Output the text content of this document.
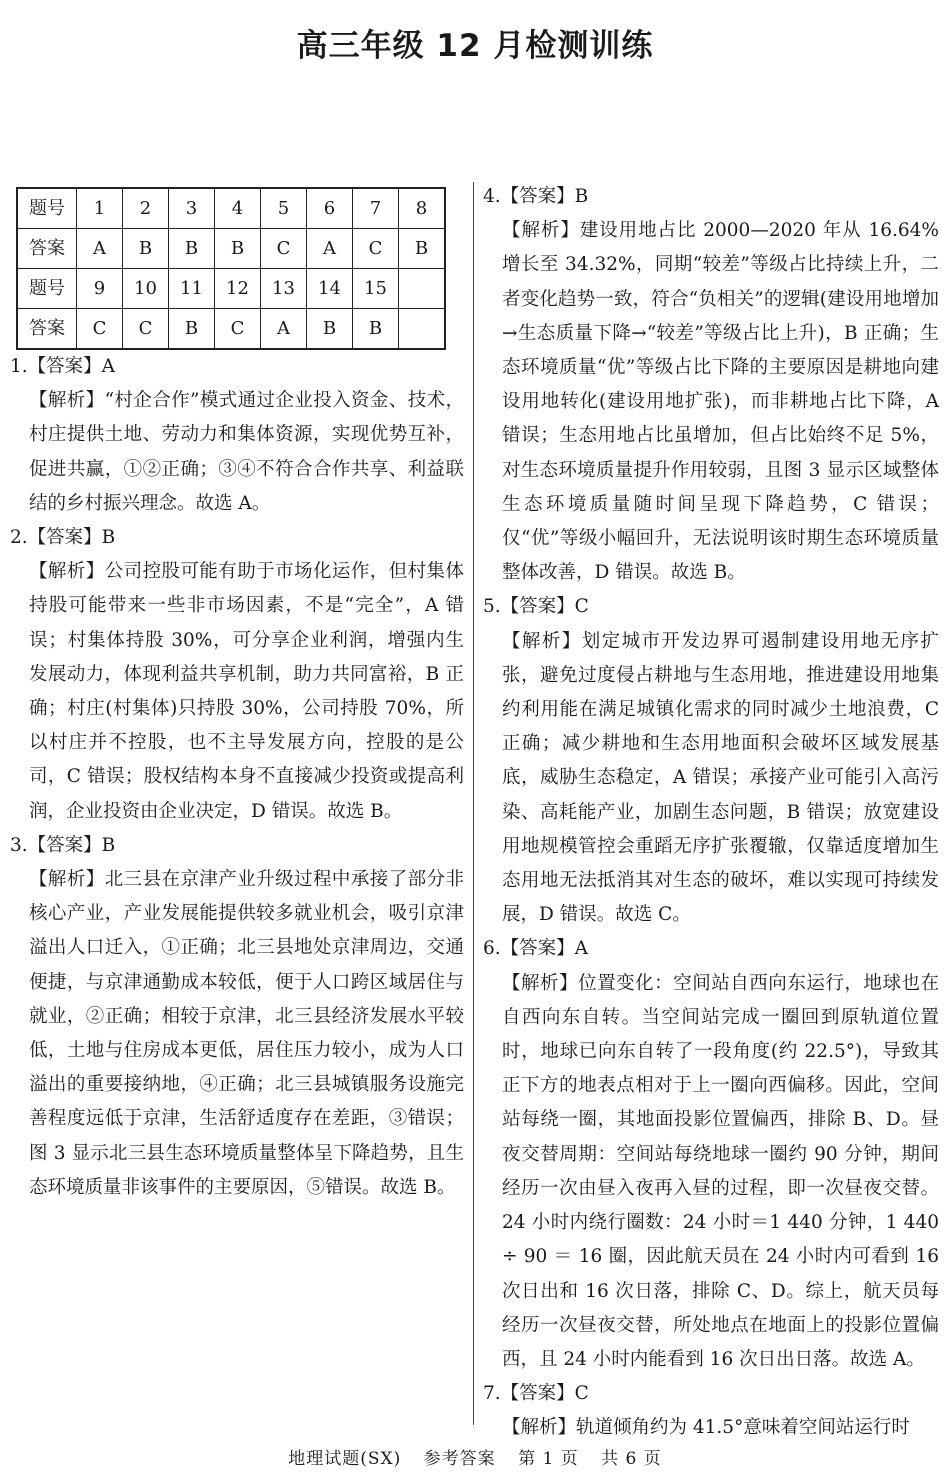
高三年级 12 月检测训练
题号	1	2	3	4	5	6	7	8
答案	A	B	B	B	C	A	C	B
题号	9	10	11	12	13	14	15	
答案	C	C	B	C	A	B	B	
1.【答案】A
【解析】“村企合作”模式通过企业投入资金、技术，村庄提供土地、劳动力和集体资源，实现优势互补，促进共赢，①②正确；③④不符合合作共享、利益联结的乡村振兴理念。故选 A。
2.【答案】B
【解析】公司控股可能有助于市场化运作，但村集体持股可能带来一些非市场因素，不是“完全”，A 错误；村集体持股 30%，可分享企业利润，增强内生发展动力，体现利益共享机制，助力共同富裕，B 正确；村庄(村集体)只持股 30%，公司持股 70%，所以村庄并不控股，也不主导发展方向，控股的是公司，C 错误；股权结构本身不直接减少投资或提高利润，企业投资由企业决定，D 错误。故选 B。
3.【答案】B
【解析】北三县在京津产业升级过程中承接了部分非核心产业，产业发展能提供较多就业机会，吸引京津溢出人口迁入，①正确；北三县地处京津周边，交通便捷，与京津通勤成本较低，便于人口跨区域居住与就业，②正确；相较于京津，北三县经济发展水平较低，土地与住房成本更低，居住压力较小，成为人口溢出的重要接纳地，④正确；北三县城镇服务设施完善程度远低于京津，生活舒适度存在差距，③错误；图 3 显示北三县生态环境质量整体呈下降趋势，且生态环境质量非该事件的主要原因，⑤错误。故选 B。
4.【答案】B
【解析】建设用地占比 2000—2020 年从 16.64%增长至 34.32%，同期“较差”等级占比持续上升，二者变化趋势一致，符合“负相关”的逻辑(建设用地增加→生态质量下降→“较差”等级占比上升)，B 正确；生态环境质量“优”等级占比下降的主要原因是耕地向建设用地转化(建设用地扩张)，而非耕地占比下降，A 错误；生态用地占比虽增加，但占比始终不足 5%，对生态环境质量提升作用较弱，且图 3 显示区域整体生态环境质量随时间呈现下降趋势，C 错误；仅“优”等级小幅回升，无法说明该时期生态环境质量整体改善，D 错误。故选 B。
5.【答案】C
【解析】划定城市开发边界可遏制建设用地无序扩张，避免过度侵占耕地与生态用地，推进建设用地集约利用能在满足城镇化需求的同时减少土地浪费，C 正确；减少耕地和生态用地面积会破坏区域发展基底，威胁生态稳定，A 错误；承接产业可能引入高污染、高耗能产业，加剧生态问题，B 错误；放宽建设用地规模管控会重蹈无序扩张覆辙，仅靠适度增加生态用地无法抵消其对生态的破坏，难以实现可持续发展，D 错误。故选 C。
6.【答案】A
【解析】位置变化：空间站自西向东运行，地球也在自西向东自转。当空间站完成一圈回到原轨道位置时，地球已向东自转了一段角度(约 22.5°)，导致其正下方的地表点相对于上一圈向西偏移。因此，空间站每绕一圈，其地面投影位置偏西，排除 B、D。昼夜交替周期：空间站每绕地球一圈约 90 分钟，期间经历一次由昼入夜再入昼的过程，即一次昼夜交替。24 小时内绕行圈数：24 小时＝1 440 分钟，1 440 ÷ 90 ＝ 16 圈，因此航天员在 24 小时内可看到 16 次日出和 16 次日落，排除 C、D。综上，航天员每经历一次昼夜交替，所处地点在地面上的投影位置偏西，且 24 小时内能看到 16 次日出日落。故选 A。
7.【答案】C
【解析】轨道倾角约为 41.5°意味着空间站运行时
地理试题(SX) 参考答案 第 1 页 共 6 页
